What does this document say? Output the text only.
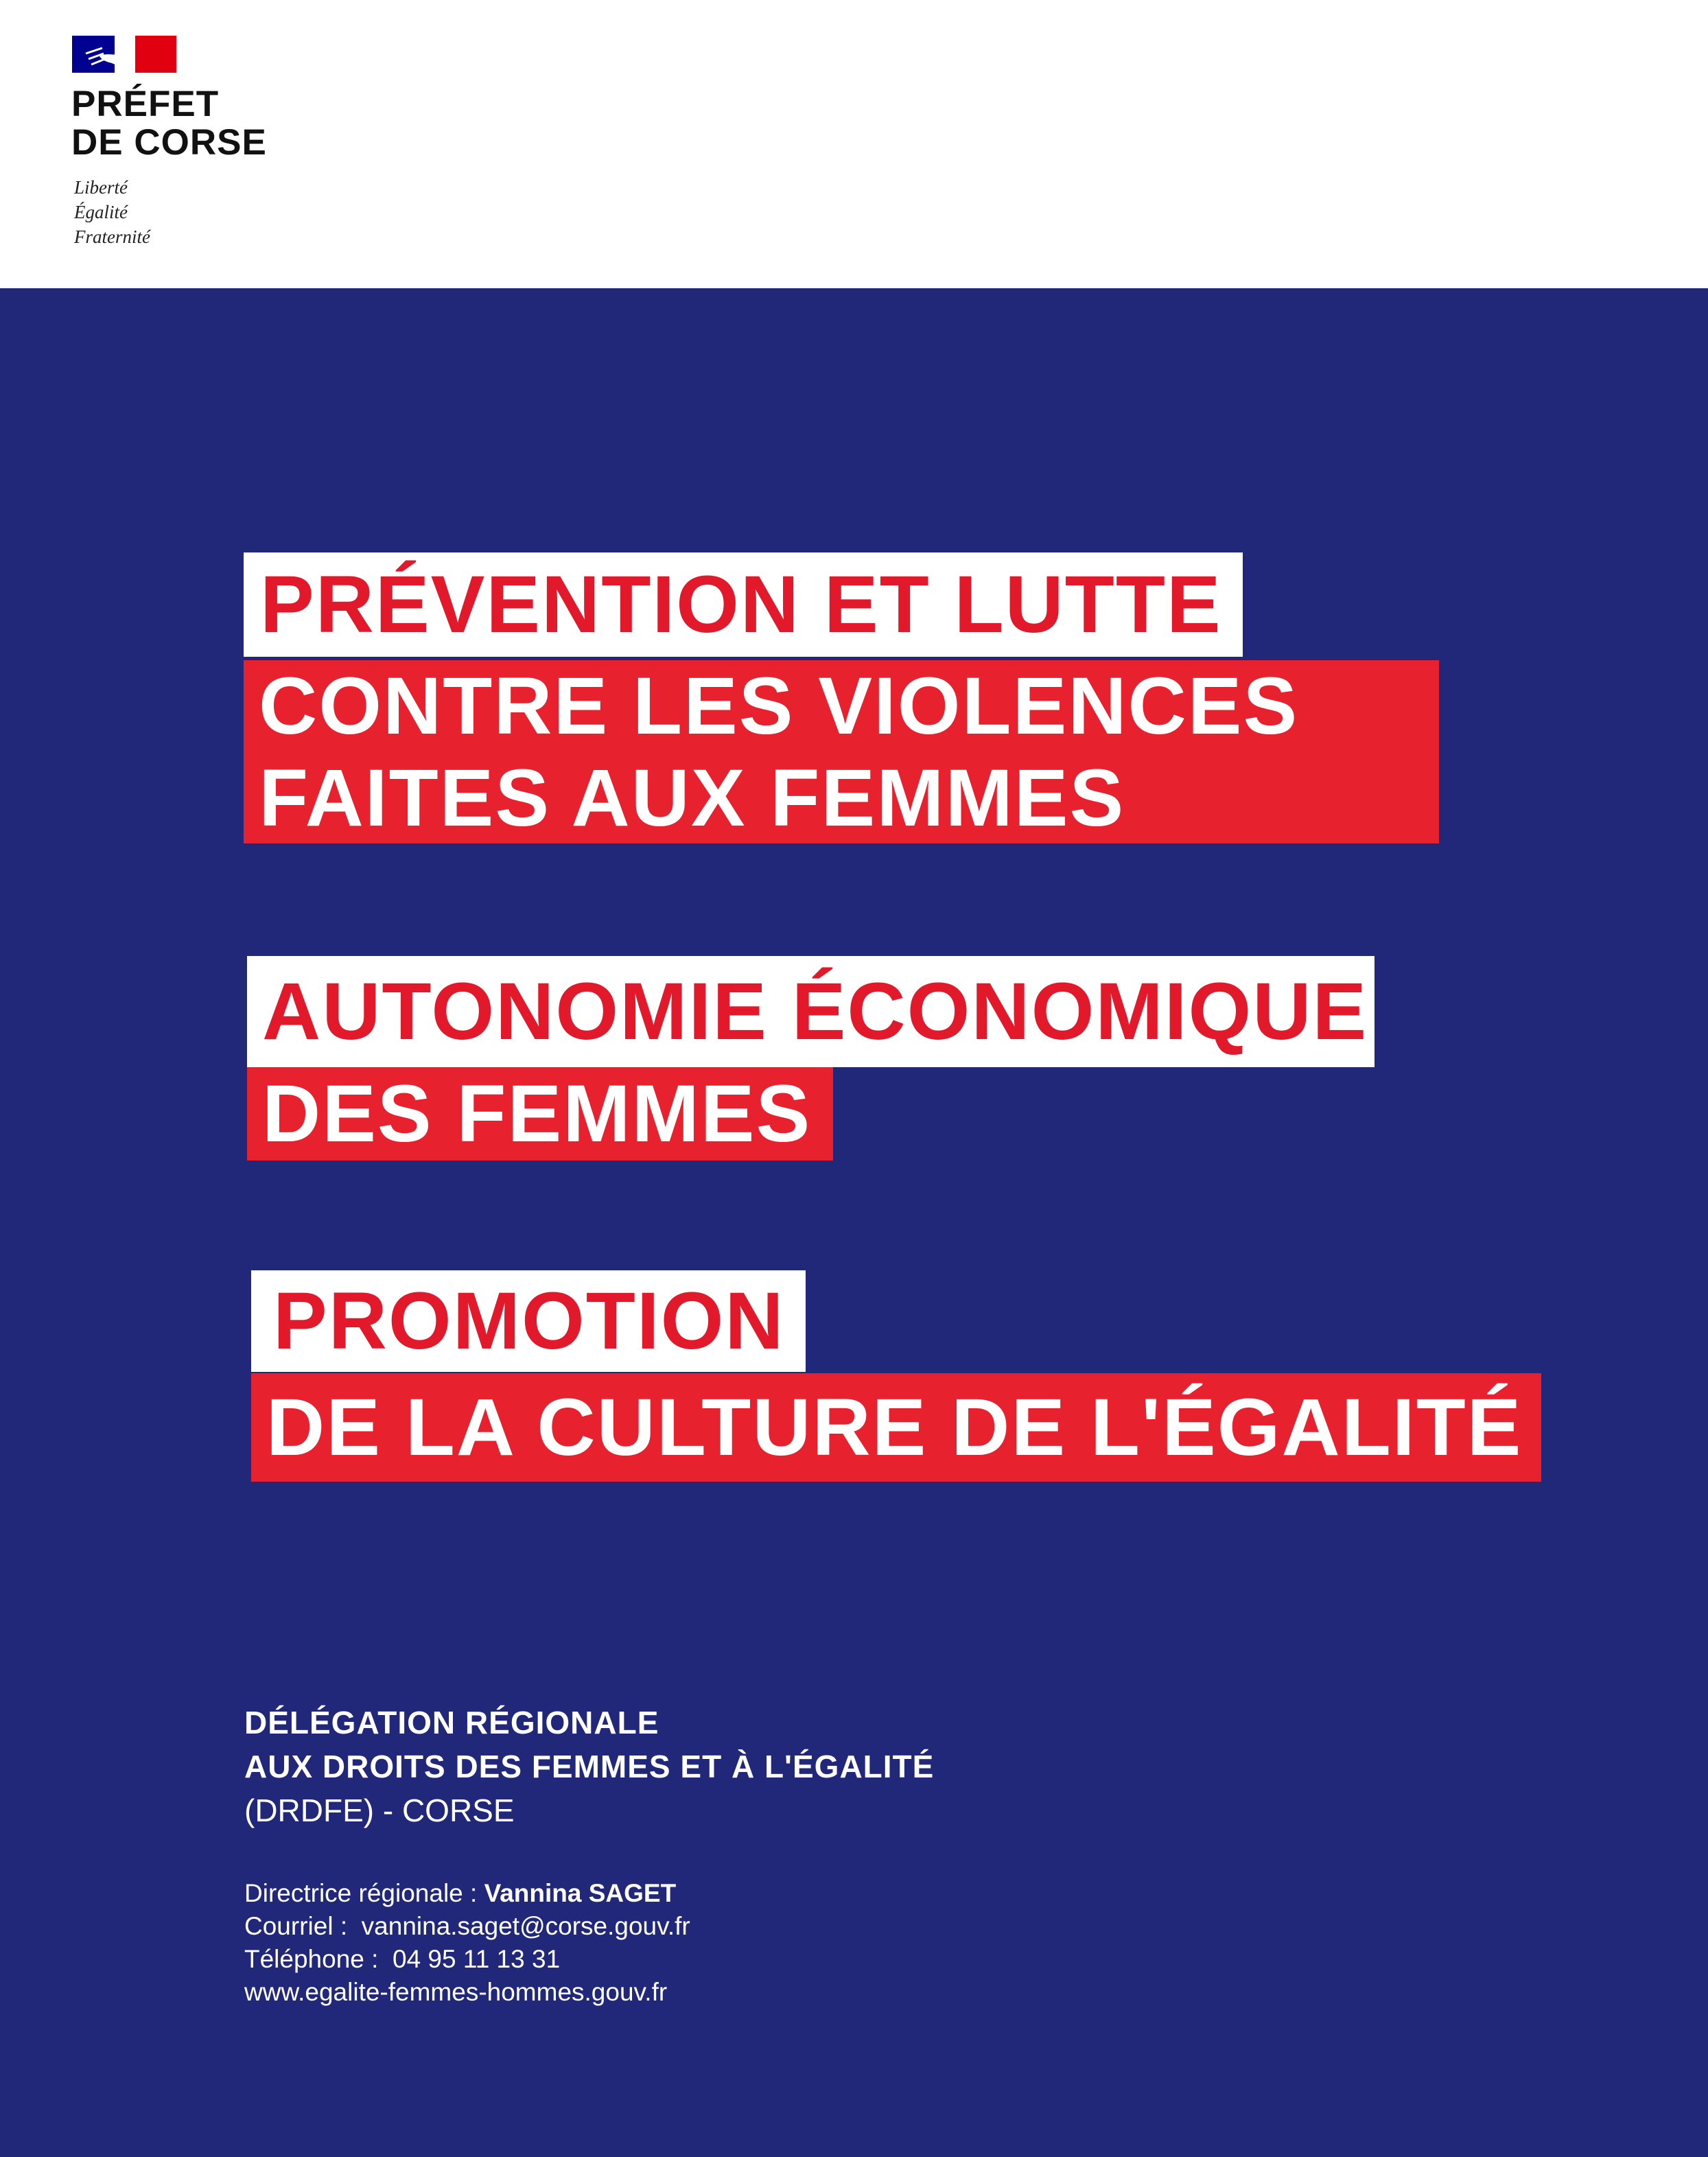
PRÉFET
DE CORSE
Liberté
Égalité
Fraternité
PRÉVENTION ET LUTTE
CONTRE LES VIOLENCES
FAITES AUX FEMMES
AUTONOMIE ÉCONOMIQUE
DES FEMMES
PROMOTION
DE LA CULTURE DE L'ÉGALITÉ
DÉLÉGATION RÉGIONALE
AUX DROITS DES FEMMES ET À L'ÉGALITÉ
(DRDFE) - CORSE
Directrice régionale : Vannina SAGET
Courriel :  vannina.saget@corse.gouv.fr
Téléphone :  04 95 11 13 31
www.egalite-femmes-hommes.gouv.fr
